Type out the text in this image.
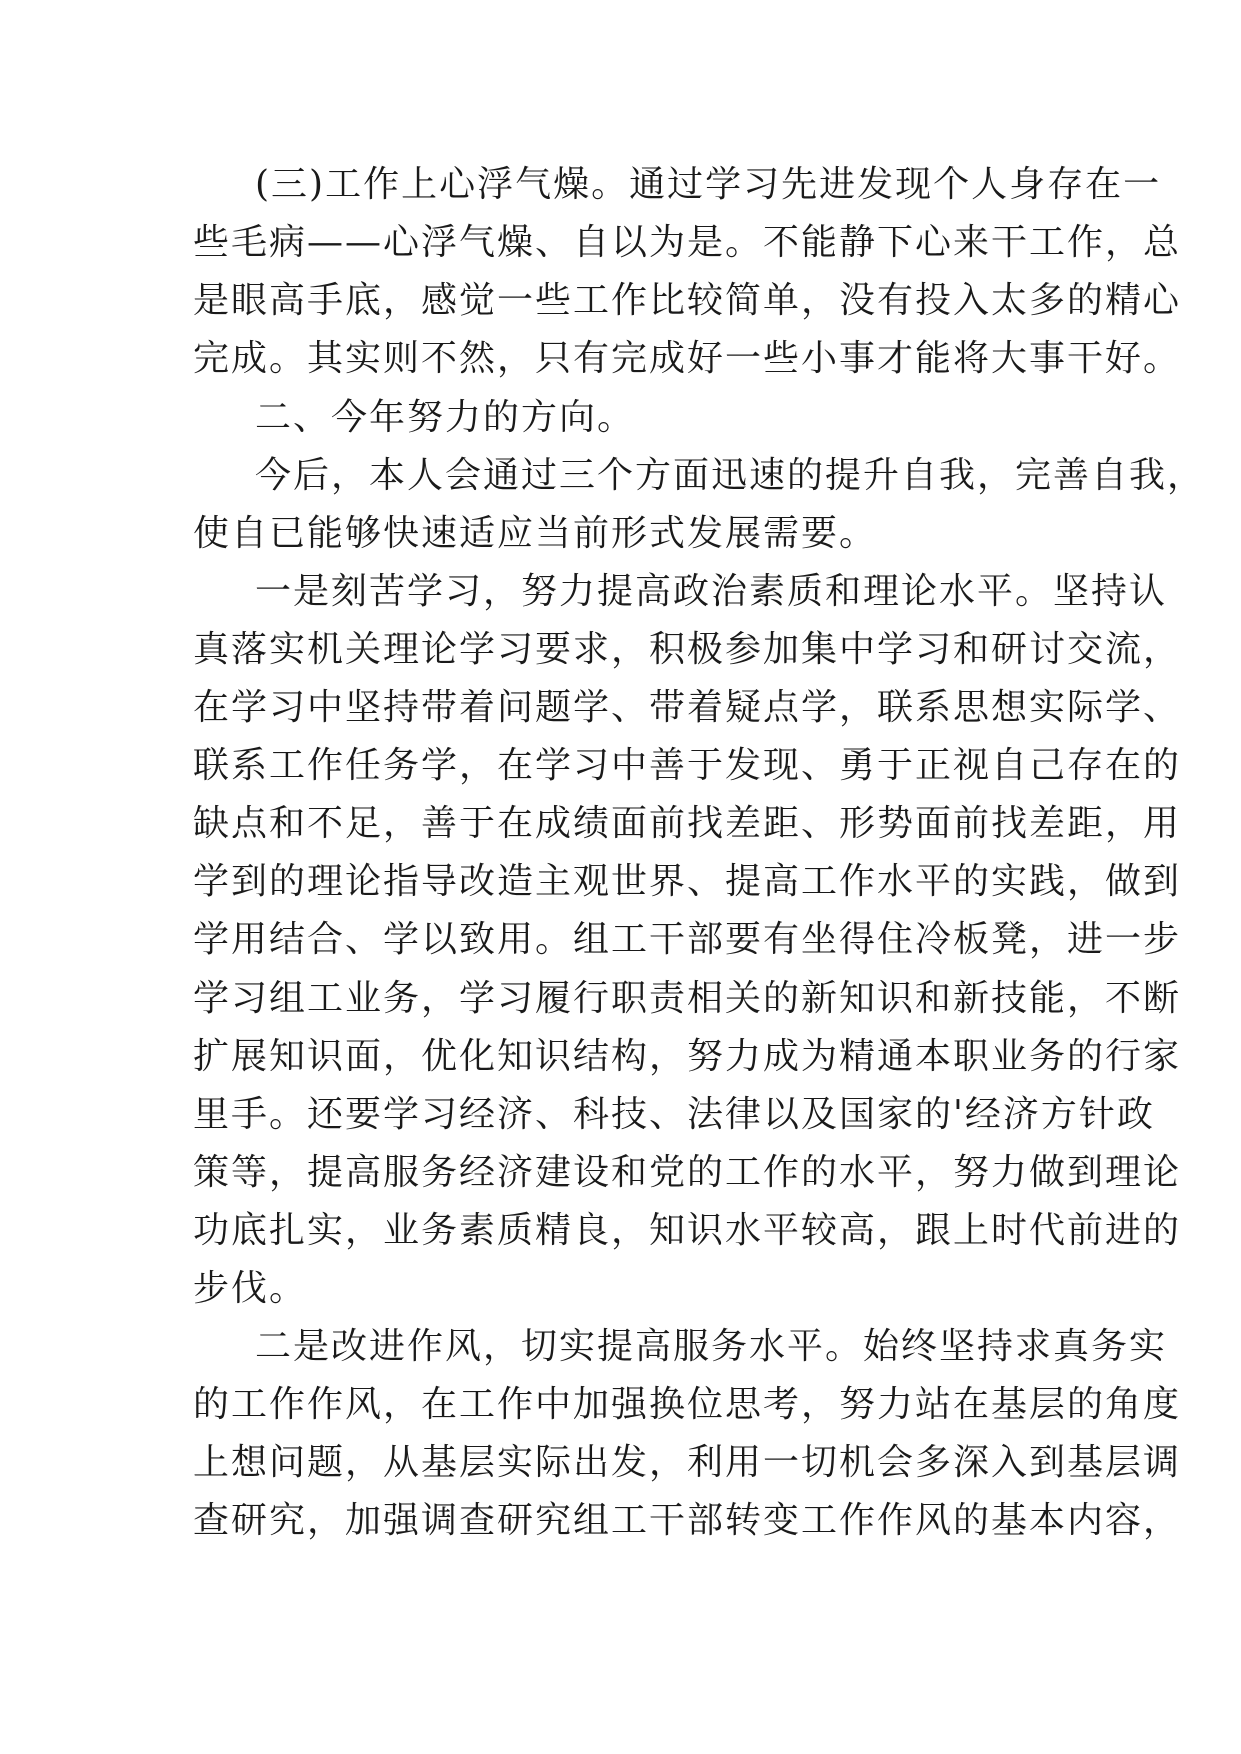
(三)工作上心浮气燥。通过学习先进发现个人身存在一
些毛病——心浮气燥、自以为是。不能静下心来干工作，总
是眼高手底，感觉一些工作比较简单，没有投入太多的精心
完成。其实则不然，只有完成好一些小事才能将大事干好。
二、今年努力的方向。
今后，本人会通过三个方面迅速的提升自我，完善自我，
使自已能够快速适应当前形式发展需要。
一是刻苦学习，努力提高政治素质和理论水平。坚持认
真落实机关理论学习要求，积极参加集中学习和研讨交流，
在学习中坚持带着问题学、带着疑点学，联系思想实际学、
联系工作任务学，在学习中善于发现、勇于正视自己存在的
缺点和不足，善于在成绩面前找差距、形势面前找差距，用
学到的理论指导改造主观世界、提高工作水平的实践，做到
学用结合、学以致用。组工干部要有坐得住冷板凳，进一步
学习组工业务，学习履行职责相关的新知识和新技能，不断
扩展知识面，优化知识结构，努力成为精通本职业务的行家
里手。还要学习经济、科技、法律以及国家的'经济方针政
策等，提高服务经济建设和党的工作的水平，努力做到理论
功底扎实，业务素质精良，知识水平较高，跟上时代前进的
步伐。
二是改进作风，切实提高服务水平。始终坚持求真务实
的工作作风，在工作中加强换位思考，努力站在基层的角度
上想问题，从基层实际出发，利用一切机会多深入到基层调
查研究，加强调查研究组工干部转变工作作风的基本内容，
